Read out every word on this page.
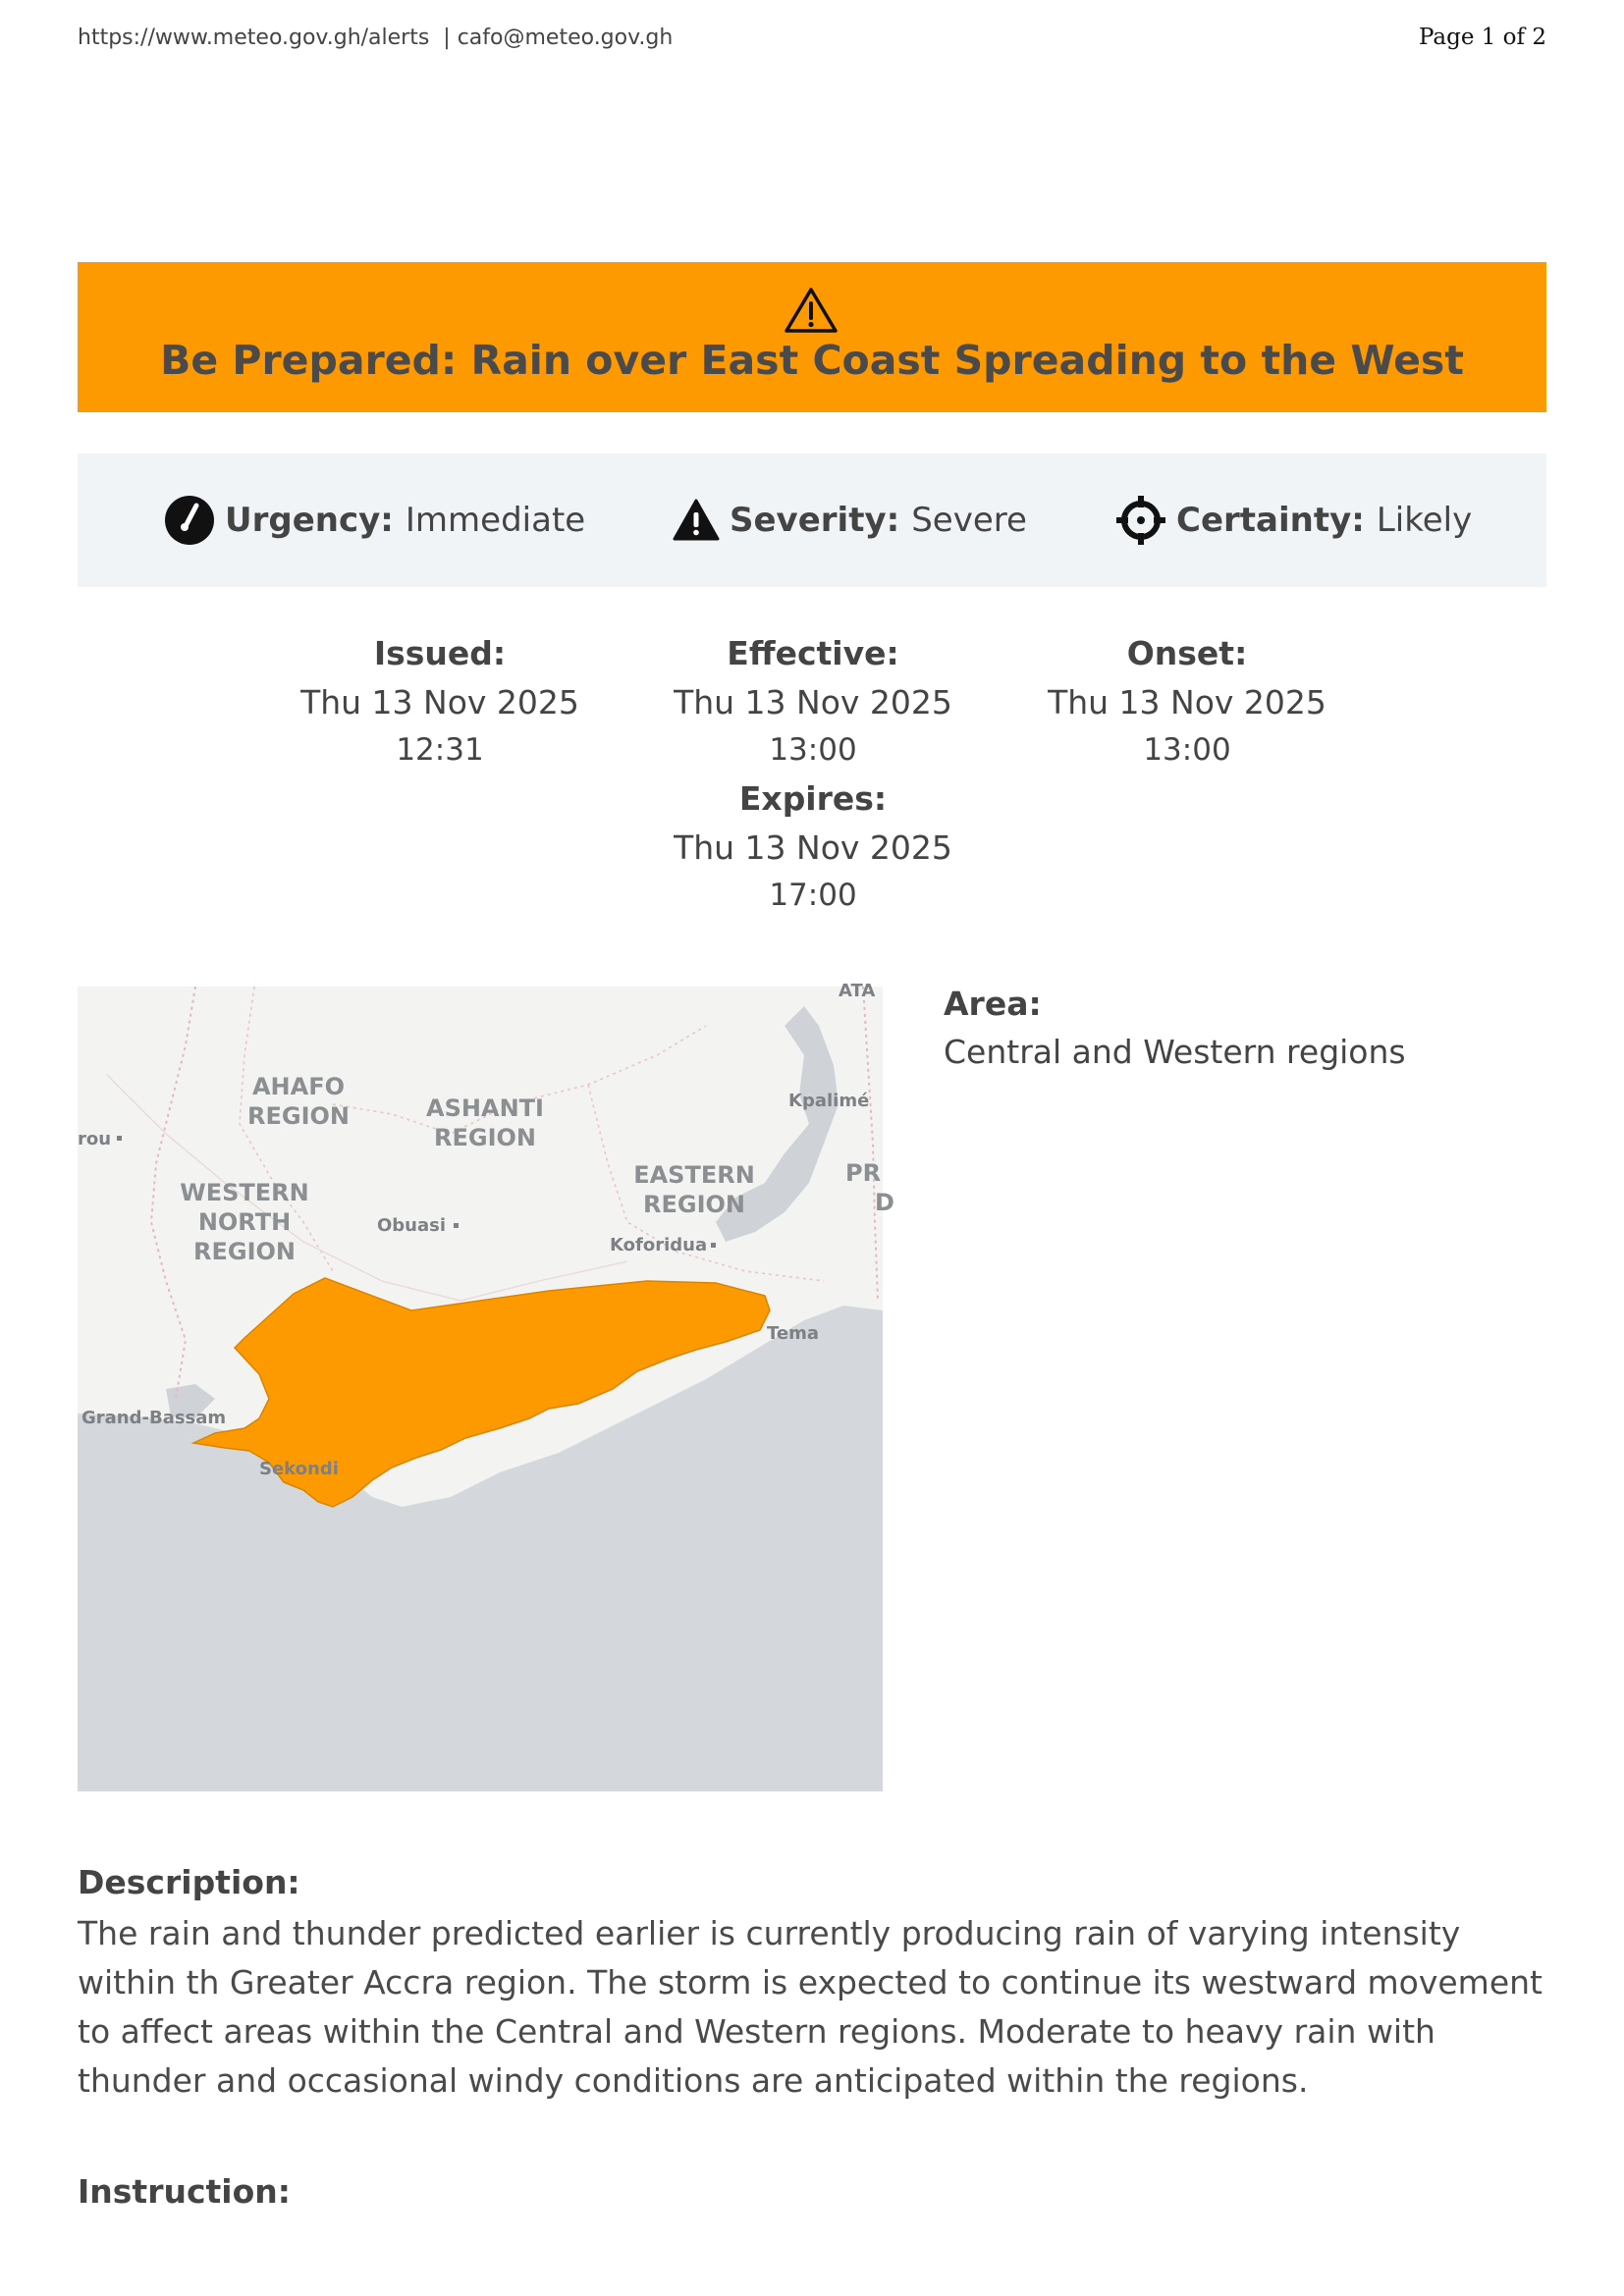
https://www.meteo.gov.gh/alerts  | cafo@meteo.gov.gh	Page 1 of 2
Be Prepared: Rain over East Coast Spreading to the West
Urgency: Immediate	Severity: Severe	Certainty: Likely
Issued:
Thu 13 Nov 2025
12:31
Effective:
Thu 13 Nov 2025
13:00
Onset:
Thu 13 Nov 2025
13:00
Expires:
Thu 13 Nov 2025
17:00
AHAFO
REGION	ASHANTI
REGION
EASTERN
REGION
WESTERN
NORTH
REGION
Obuasi
Koforidua
Kpalimé
Tema
Grand-Bassam
Sekondi
rou
ATA
PR
D
Area:
Central and Western regions
Description:
The rain and thunder predicted earlier is currently producing rain of varying intensity within th Greater Accra region. The storm is expected to continue its westward movement to affect areas within the Central and Western regions. Moderate to heavy rain with thunder and occasional windy conditions are anticipated within the regions.
Instruction:
